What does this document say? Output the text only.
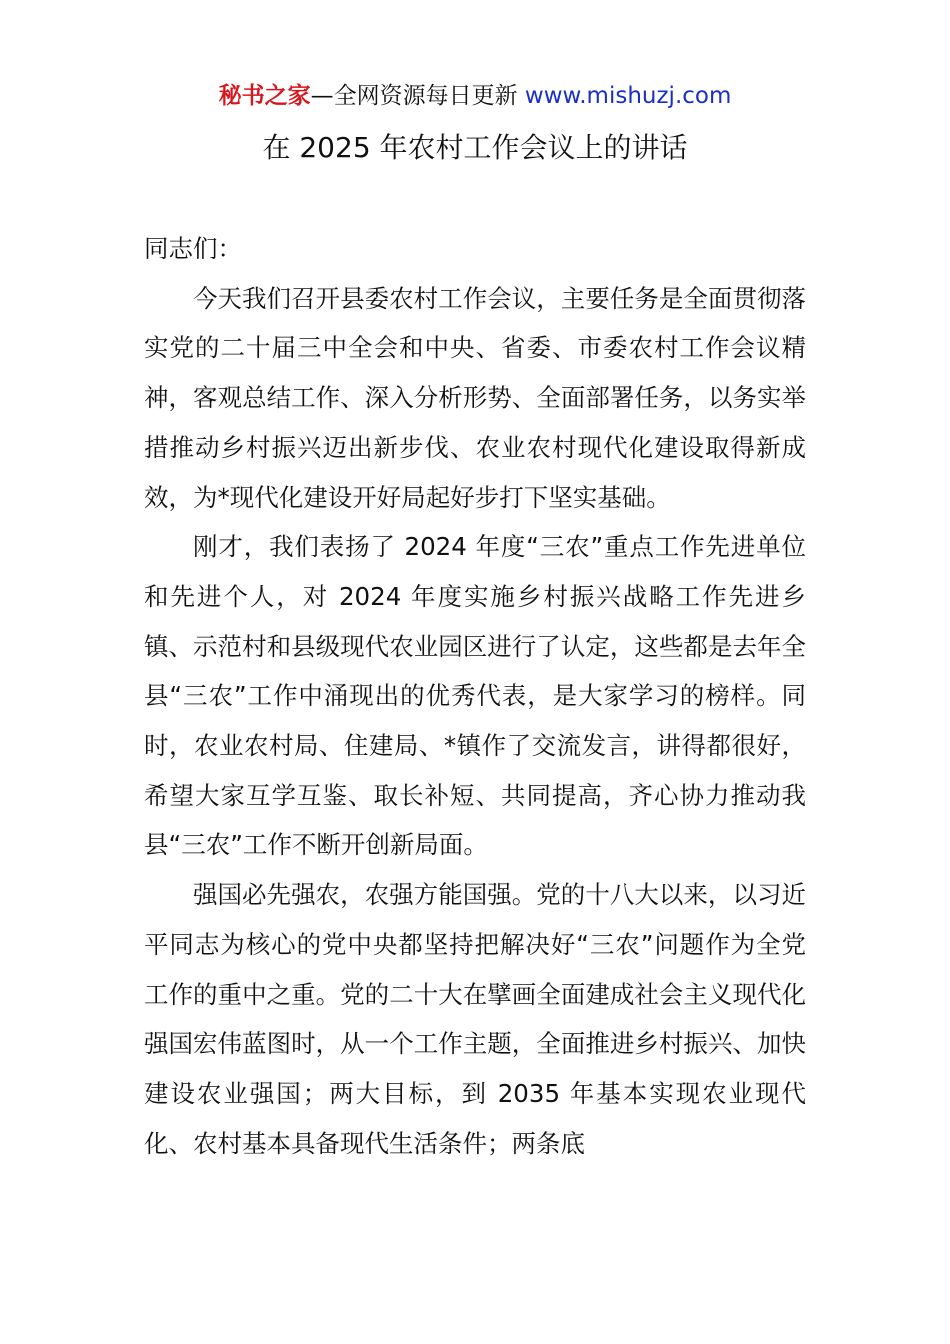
秘书之家—全网资源每日更新 www.mishuzj.com
在 2025 年农村工作会议上的讲话

同志们：

今天我们召开县委农村工作会议，主要任务是全面贯彻落实党的二十届三中全会和中央、省委、市委农村工作会议精神，客观总结工作、深入分析形势、全面部署任务，以务实举措推动乡村振兴迈出新步伐、农业农村现代化建设取得新成效，为*现代化建设开好局起好步打下坚实基础。

刚才，我们表扬了 2024 年度“三农”重点工作先进单位和先进个人，对 2024 年度实施乡村振兴战略工作先进乡镇、示范村和县级现代农业园区进行了认定，这些都是去年全县“三农”工作中涌现出的优秀代表，是大家学习的榜样。同时，农业农村局、住建局、*镇作了交流发言，讲得都很好，希望大家互学互鉴、取长补短、共同提高，齐心协力推动我县“三农”工作不断开创新局面。

强国必先强农，农强方能国强。党的十八大以来，以习近平同志为核心的党中央都坚持把解决好“三农”问题作为全党工作的重中之重。党的二十大在擘画全面建成社会主义现代化强国宏伟蓝图时，从一个工作主题，全面推进乡村振兴、加快建设农业强国；两大目标，到 2035 年基本实现农业现代化、农村基本具备现代生活条件；两条底
